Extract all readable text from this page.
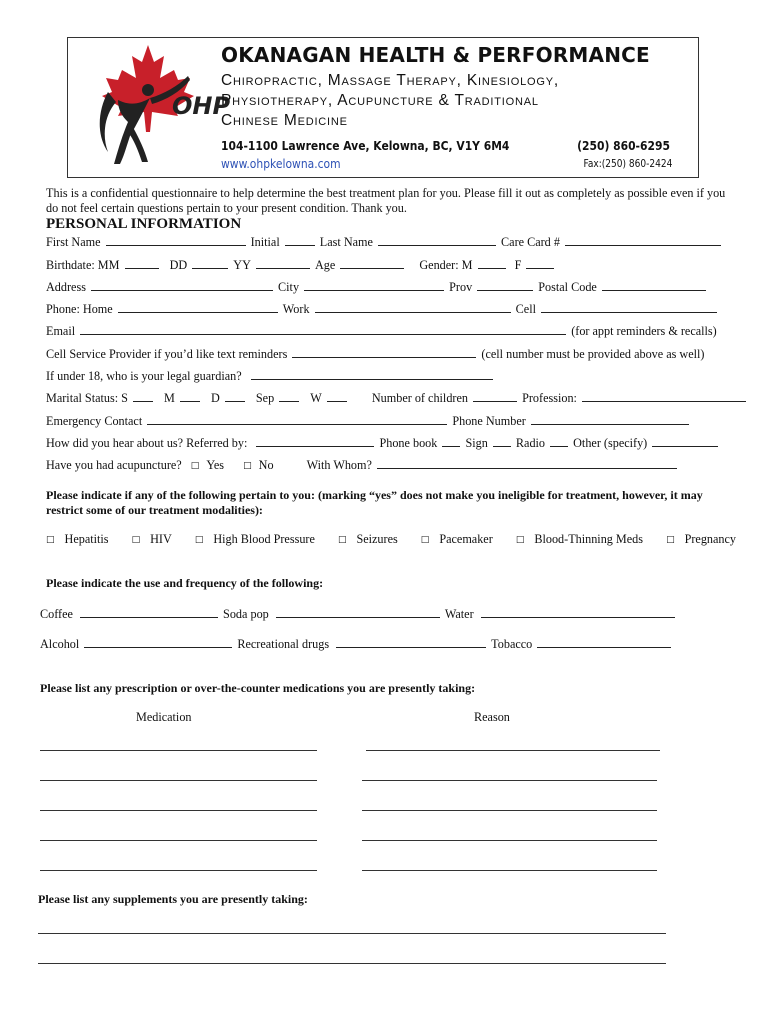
OHP
OKANAGAN HEALTH & PERFORMANCE
Chiropractic, Massage Therapy, Kinesiology,
Physiotherapy, Acupuncture & Traditional
Chinese Medicine
104-1100 Lawrence Ave, Kelowna, BC, V1Y 6M4
www.ohpkelowna.com
(250) 860-6295
Fax:(250) 860-2424
This is a confidential questionnaire to help determine the best treatment plan for you. Please fill it out as completely as possible even if you do not feel certain questions pertain to your present condition. Thank you.
PERSONAL INFORMATION
First Name	Initial	Last Name	Care Card #
Birthdate: MM	DD	YY	Age	Gender: M	F
Address	City	Prov	Postal Code
Phone: Home	Work	Cell
Email	(for appt reminders & recalls)
Cell Service Provider if you’d like text reminders	(cell number must be provided above as well)
If under 18, who is your legal guardian?
Marital Status: S	M	D	Sep	W	Number of children	Profession:
Emergency Contact	Phone Number
How did you hear about us? Referred by:	Phone book Sign Radio Other (specify)
Have you had acupuncture? □ Yes □ No	With Whom?
Please indicate if any of the following pertain to you: (marking “yes” does not make you ineligible for treatment, however, it may restrict some of our treatment modalities):
□ Hepatitis	□ HIV	□ High Blood Pressure	□ Seizures	□ Pacemaker	□ Blood-Thinning Meds	□ Pregnancy
Please indicate the use and frequency of the following:
Coffee	Soda pop	Water
Alcohol	Recreational drugs	Tobacco
Please list any prescription or over-the-counter medications you are presently taking:
Medication	Reason
Please list any supplements you are presently taking:
